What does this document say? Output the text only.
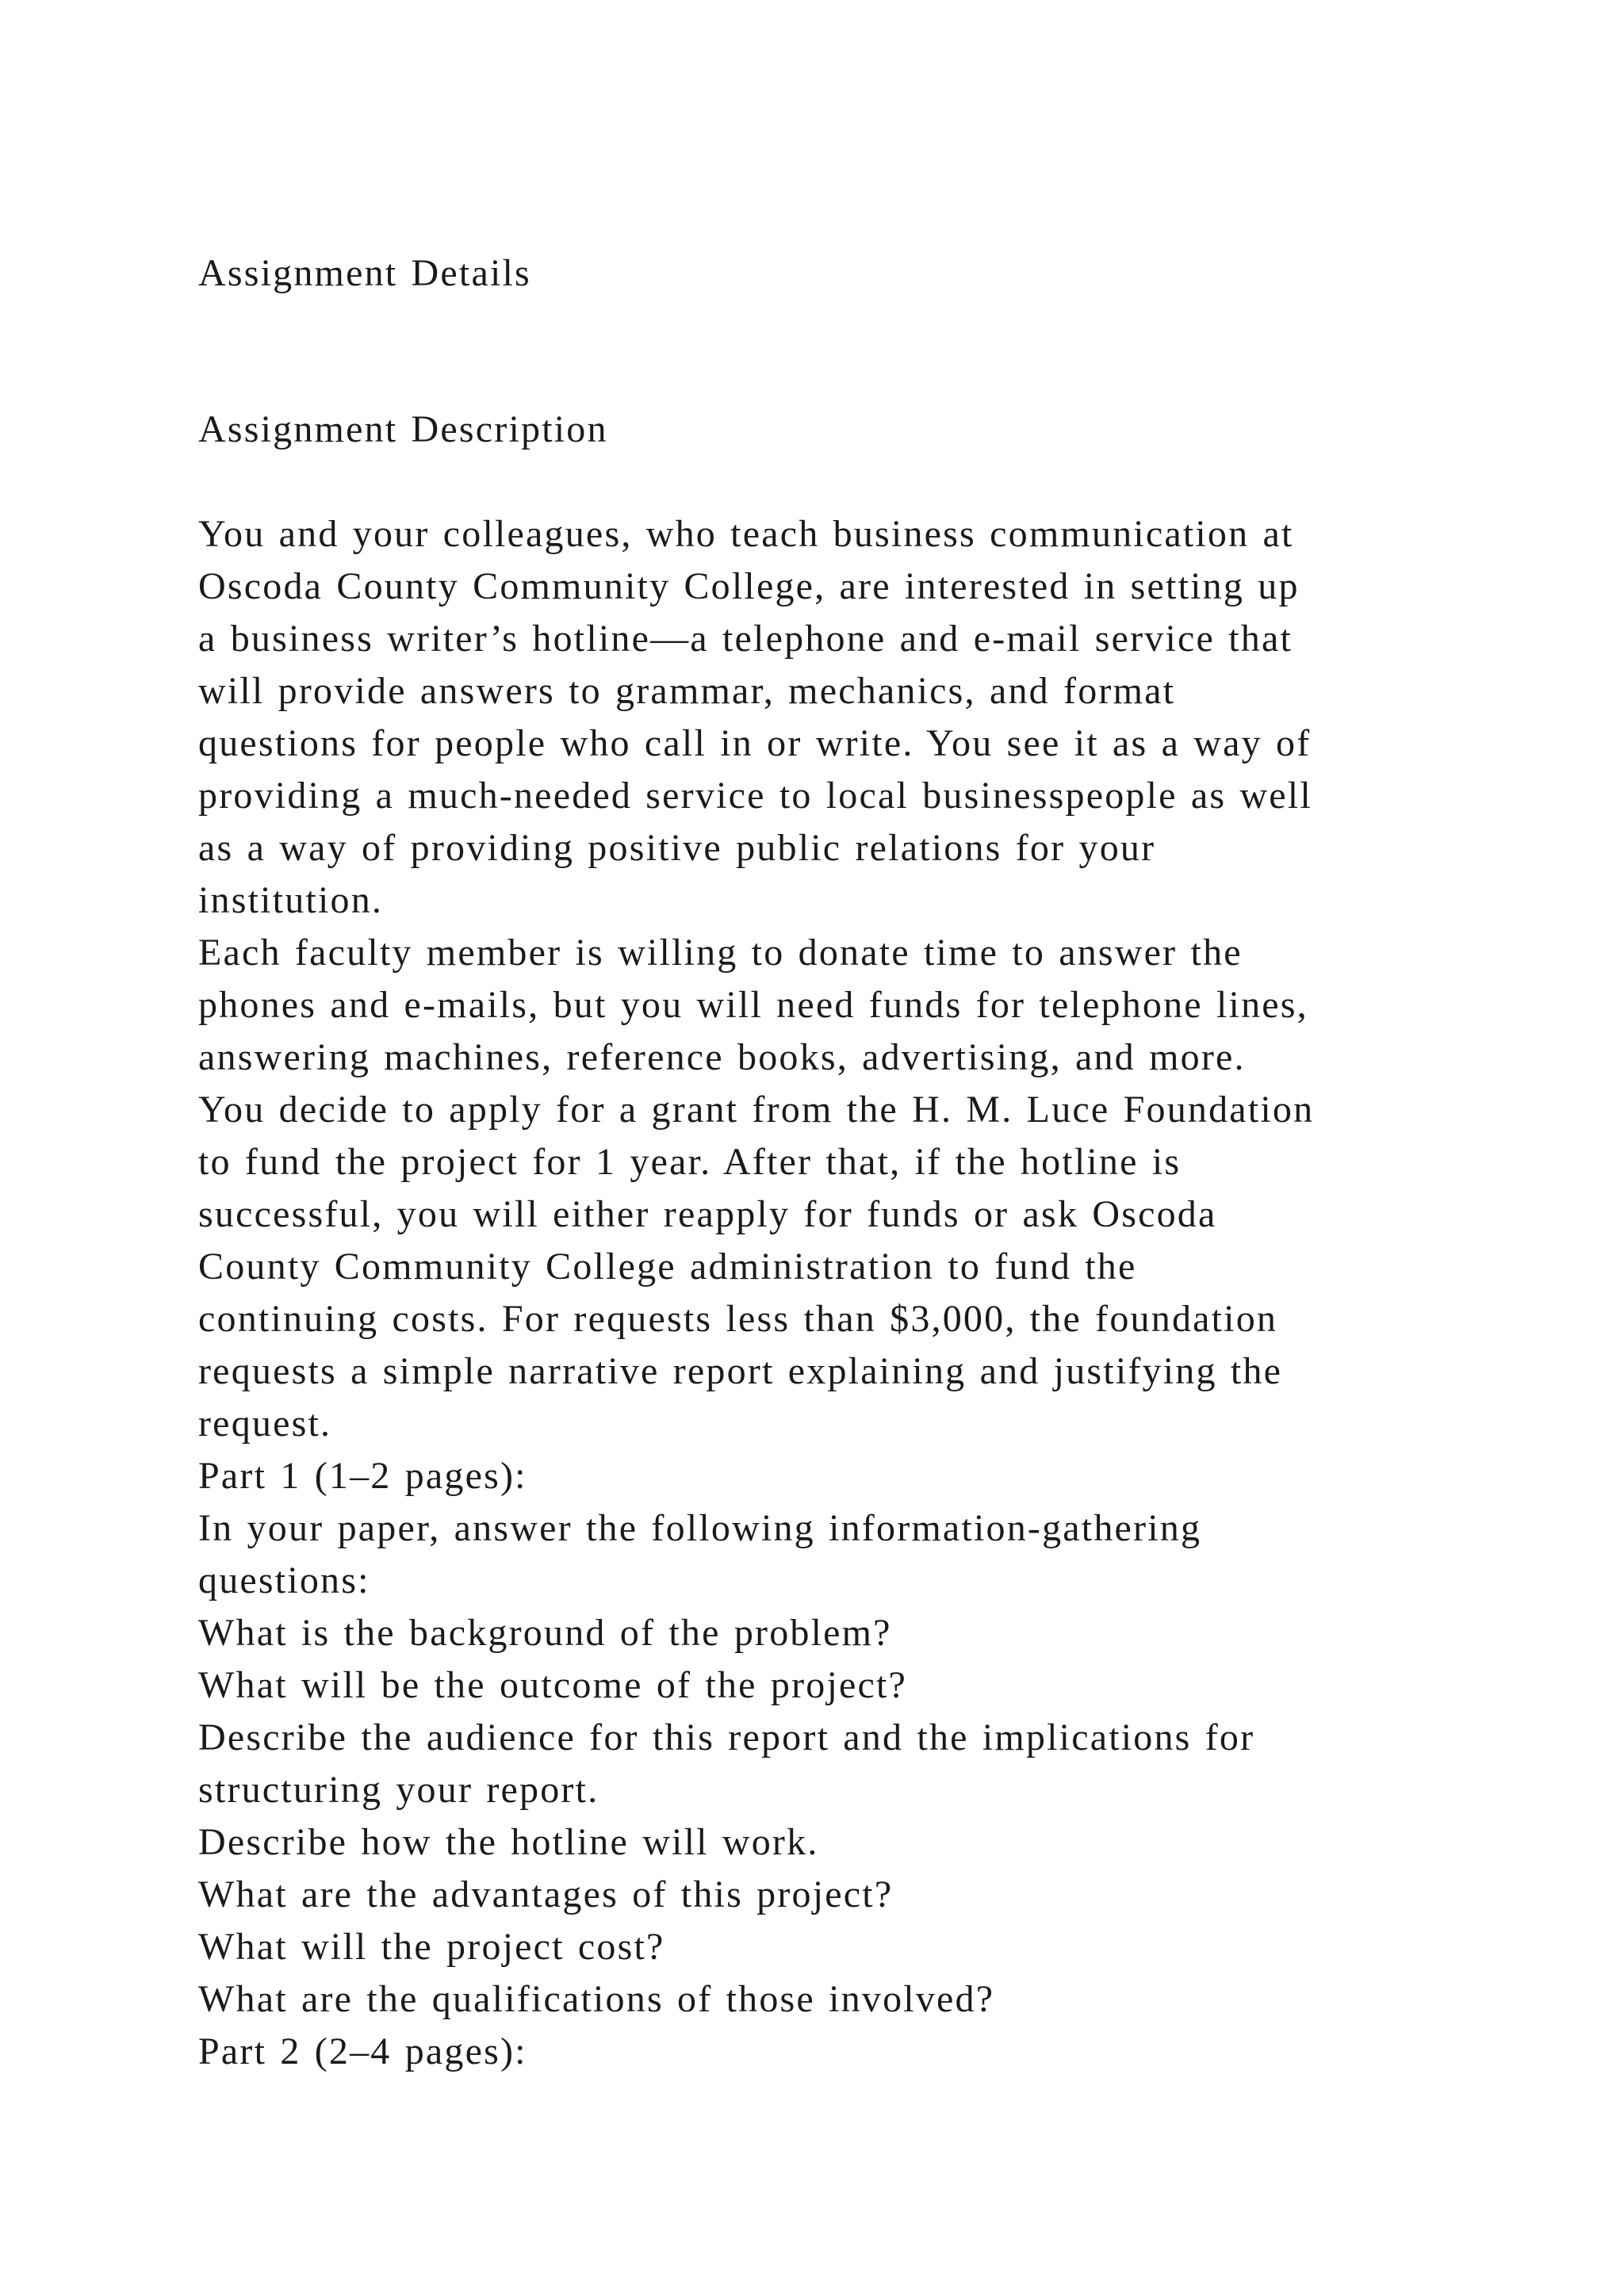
Assignment Details
Assignment Description
You and your colleagues, who teach business communication at
Oscoda County Community College, are interested in setting up
a business writer’s hotline—a telephone and e-mail service that
will provide answers to grammar, mechanics, and format
questions for people who call in or write. You see it as a way of
providing a much-needed service to local businesspeople as well
as a way of providing positive public relations for your
institution.
Each faculty member is willing to donate time to answer the
phones and e-mails, but you will need funds for telephone lines,
answering machines, reference books, advertising, and more.
You decide to apply for a grant from the H. M. Luce Foundation
to fund the project for 1 year. After that, if the hotline is
successful, you will either reapply for funds or ask Oscoda
County Community College administration to fund the
continuing costs. For requests less than $3,000, the foundation
requests a simple narrative report explaining and justifying the
request.
Part 1 (1–2 pages):
In your paper, answer the following information-gathering
questions:
What is the background of the problem?
What will be the outcome of the project?
Describe the audience for this report and the implications for
structuring your report.
Describe how the hotline will work.
What are the advantages of this project?
What will the project cost?
What are the qualifications of those involved?
Part 2 (2–4 pages):
